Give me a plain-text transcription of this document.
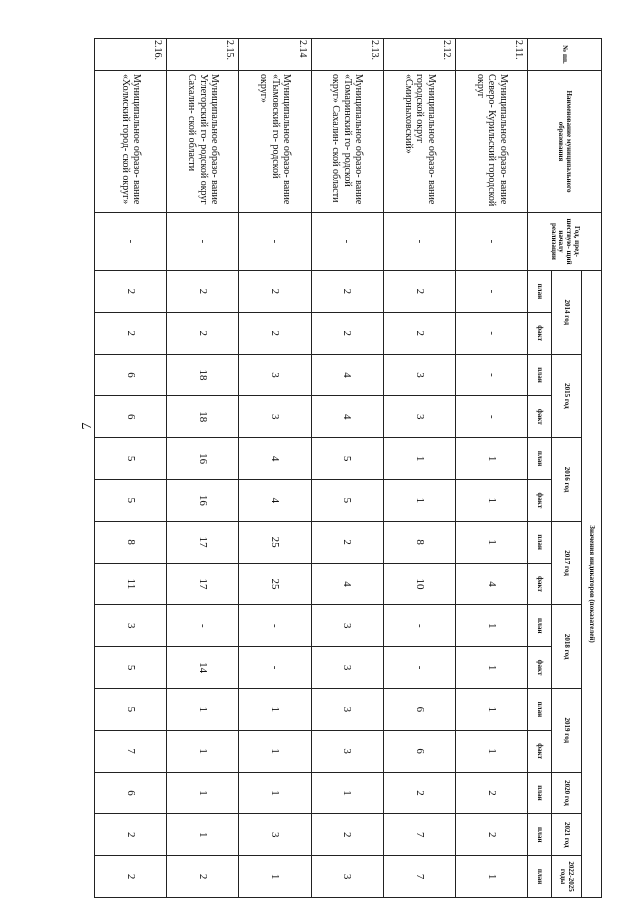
7
№ пп.	Наименование муниципального образования	Год, пред- шествую- щий началу реализации	Значения индикаторов (показателей)														
			2014 год		2015 год		2016 год		2017 год		2018 год		2019 год		2020 год	2021 год	2022-2025 годы
			план	факт	план	факт	план	факт	план	факт	план	факт	план	факт	план	план	план
2.11.	Муниципальное образо- вание Северо- Курильский городской округ	-	-	-	-	-	1	1	1	4	1	1	1	1	2	2	1
2.12.	Муниципальное образо- вание городской округ «Смирныховский»	-	2	2	3	3	1	1	8	10	-	-	6	6	2	7	7
2.13.	Муниципальное образо- вание «Томаринский го- родской округ» Сахалин- ской области	-	2	2	4	4	5	5	2	4	3	3	3	3	1	2	3
2.14	Муниципальное образо- вание «Тымовский го- родской округ»	-	2	2	3	3	4	4	25	25	-	-	1	1	1	3	1
2.15.	Муниципальное образо- вание Углегорский го- родской округ Сахалин- ской области	-	2	2	18	18	16	16	17	17	-	14	1	1	1	1	2
2.16.	Муниципальное образо- вание «Холмский город- ской округ»	-	2	2	6	6	5	5	8	11	3	5	5	7	6	2	2
